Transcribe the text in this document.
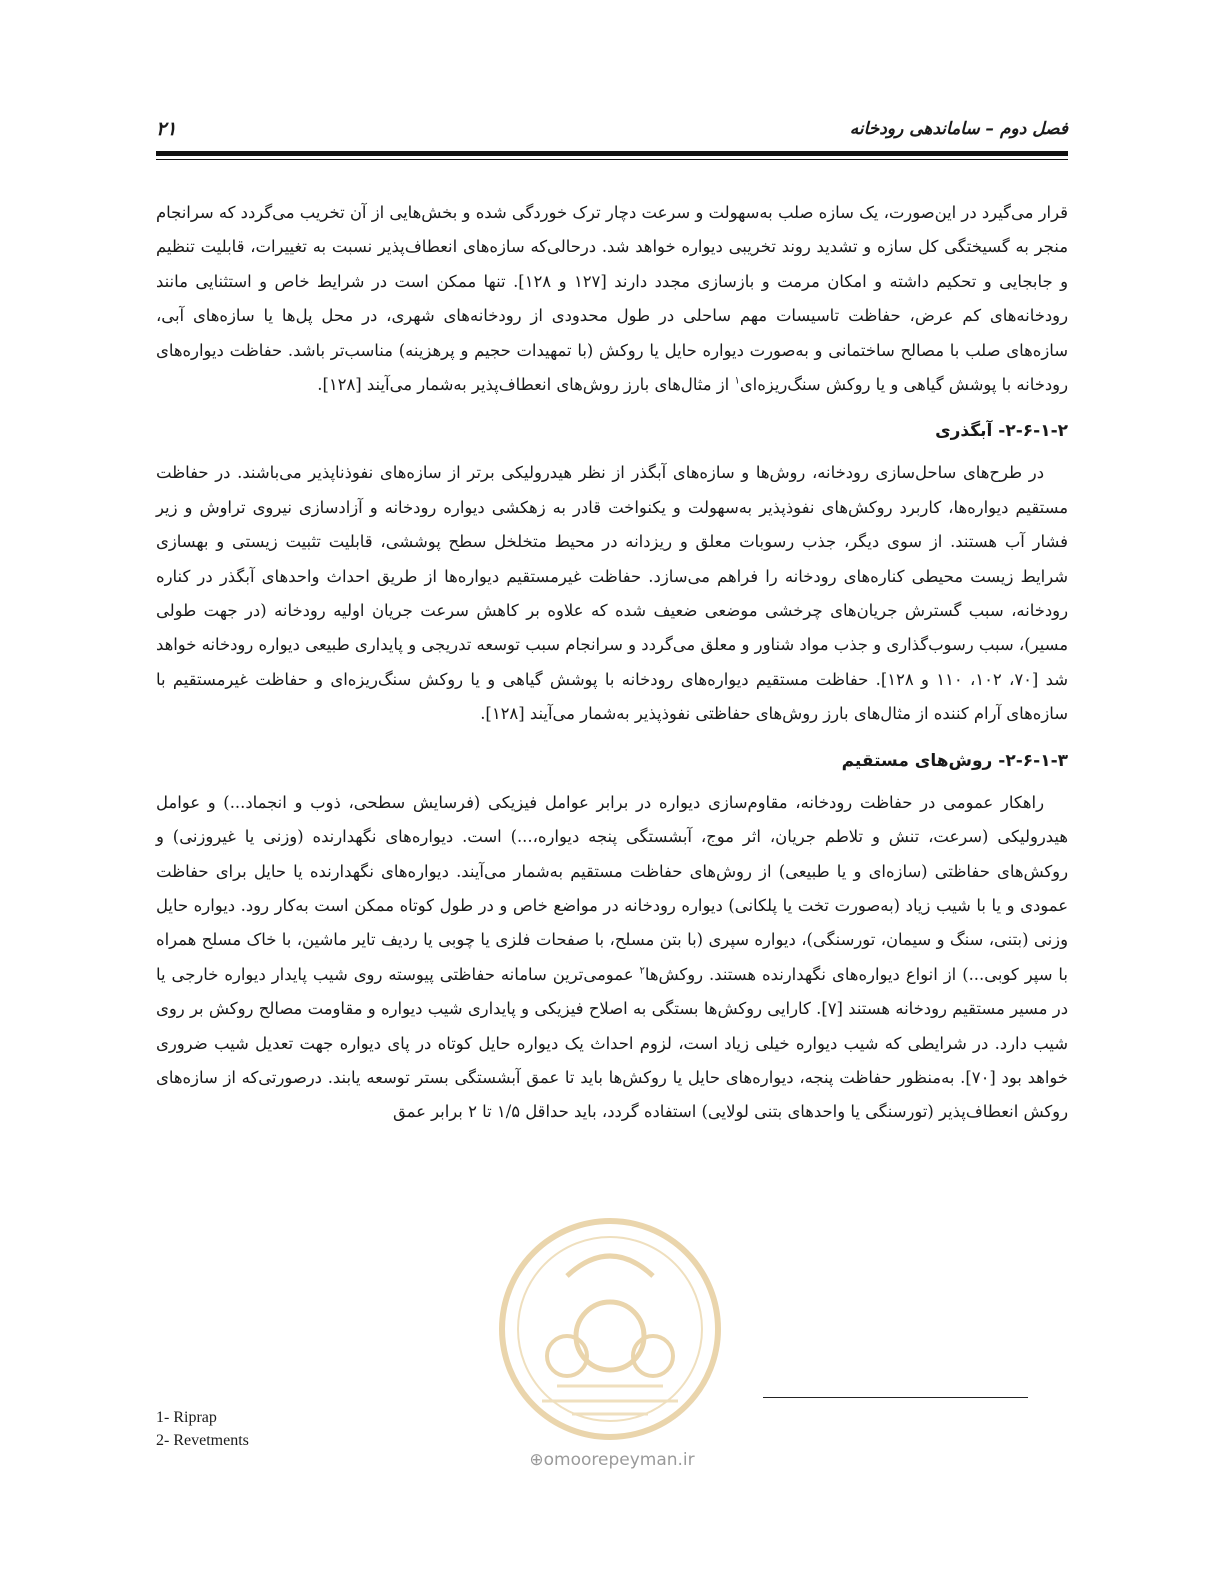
۲۱	فصل دوم – ساماندهی رودخانه

قرار می‌گیرد در این‌صورت، یک سازه صلب به‌سهولت و سرعت دچار ترک خوردگی شده و بخش‌هایی از آن تخریب می‌گردد که سرانجام منجر به گسیختگی کل سازه و تشدید روند تخریبی دیواره خواهد شد. درحالی‌که سازه‌های انعطاف‌پذیر نسبت به تغییرات، قابلیت تنظیم و جابجایی و تحکیم داشته و امکان مرمت و بازسازی مجدد دارند [۱۲۷ و ۱۲۸]. تنها ممکن است در شرایط خاص و استثنایی مانند رودخانه‌های کم عرض، حفاظت تاسیسات مهم ساحلی در طول محدودی از رودخانه‌های شهری، در محل پل‌ها یا سازه‌های آبی، سازه‌های صلب با مصالح ساختمانی و به‌صورت دیواره حایل یا روکش (با تمهیدات حجیم و پرهزینه) مناسب‌تر باشد. حفاظت دیواره‌های رودخانه با پوشش گیاهی و یا روکش سنگ‌ریزه‌ای$^۱$ از مثال‌های بارز روش‌های انعطاف‌پذیر به‌شمار می‌آیند [۱۲۸].

۲-۶-۱-۲- آبگذری

در طرح‌های ساحل‌سازی رودخانه، روش‌ها و سازه‌های آبگذر از نظر هیدرولیکی برتر از سازه‌های نفوذناپذیر می‌باشند. در حفاظت مستقیم دیواره‌ها، کاربرد روکش‌های نفوذپذیر به‌سهولت و یکنواخت قادر به زهکشی دیواره رودخانه و آزادسازی نیروی تراوش و زیر فشار آب هستند. از سوی دیگر، جذب رسوبات معلق و ریزدانه در محیط متخلخل سطح پوششی، قابلیت تثبیت زیستی و بهسازی شرایط زیست محیطی کناره‌های رودخانه را فراهم می‌سازد. حفاظت غیرمستقیم دیواره‌ها از طریق احداث واحدهای آبگذر در کناره رودخانه، سبب گسترش جریان‌های چرخشی موضعی ضعیف شده که علاوه بر کاهش سرعت جریان اولیه رودخانه (در جهت طولی مسیر)، سبب رسوب‌گذاری و جذب مواد شناور و معلق می‌گردد و سرانجام سبب توسعه تدریجی و پایداری طبیعی دیواره رودخانه خواهد شد [۷۰، ۱۰۲، ۱۱۰ و ۱۲۸]. حفاظت مستقیم دیواره‌های رودخانه با پوشش گیاهی و یا روکش سنگ‌ریزه‌ای و حفاظت غیرمستقیم با سازه‌های آرام کننده از مثال‌های بارز روش‌های حفاظتی نفوذپذیر به‌شمار می‌آیند [۱۲۸].

۲-۶-۱-۳- روش‌های مستقیم

راهکار عمومی در حفاظت رودخانه، مقاوم‌سازی دیواره در برابر عوامل فیزیکی (فرسایش سطحی، ذوب و انجماد...) و عوامل هیدرولیکی (سرعت، تنش و تلاطم جریان، اثر موج، آبشستگی پنجه دیواره،...) است. دیواره‌های نگهدارنده (وزنی یا غیروزنی) و روکش‌های حفاظتی (سازه‌ای و یا طبیعی) از روش‌های حفاظت مستقیم به‌شمار می‌آیند. دیواره‌های نگهدارنده یا حایل برای حفاظت عمودی و یا با شیب زیاد (به‌صورت تخت یا پلکانی) دیواره رودخانه در مواضع خاص و در طول کوتاه ممکن است به‌کار رود. دیواره حایل وزنی (بتنی، سنگ و سیمان، تورسنگی)، دیواره سپری (با بتن مسلح، با صفحات فلزی یا چوبی یا ردیف تایر ماشین، با خاک مسلح همراه با سپر کوبی...) از انواع دیواره‌های نگهدارنده هستند. روکش‌ها$^۲$ عمومی‌ترین سامانه حفاظتی پیوسته روی شیب پایدار دیواره خارجی یا در مسیر مستقیم رودخانه هستند [۷]. کارایی روکش‌ها بستگی به اصلاح فیزیکی و پایداری شیب دیواره و مقاومت مصالح روکش بر روی شیب دارد. در شرایطی که شیب دیواره خیلی زیاد است، لزوم احداث یک دیواره حایل کوتاه در پای دیواره جهت تعدیل شیب ضروری خواهد بود [۷۰]. به‌منظور حفاظت پنجه، دیواره‌های حایل یا روکش‌ها باید تا عمق آبشستگی بستر توسعه یابند. درصورتی‌که از سازه‌های روکش انعطاف‌پذیر (تورسنگی یا واحدهای بتنی لولایی) استفاده گردد، باید حداقل ۱/۵ تا ۲ برابر عمق

1- Riprap
2- Revetments
⊕omoorepeyman.ir
